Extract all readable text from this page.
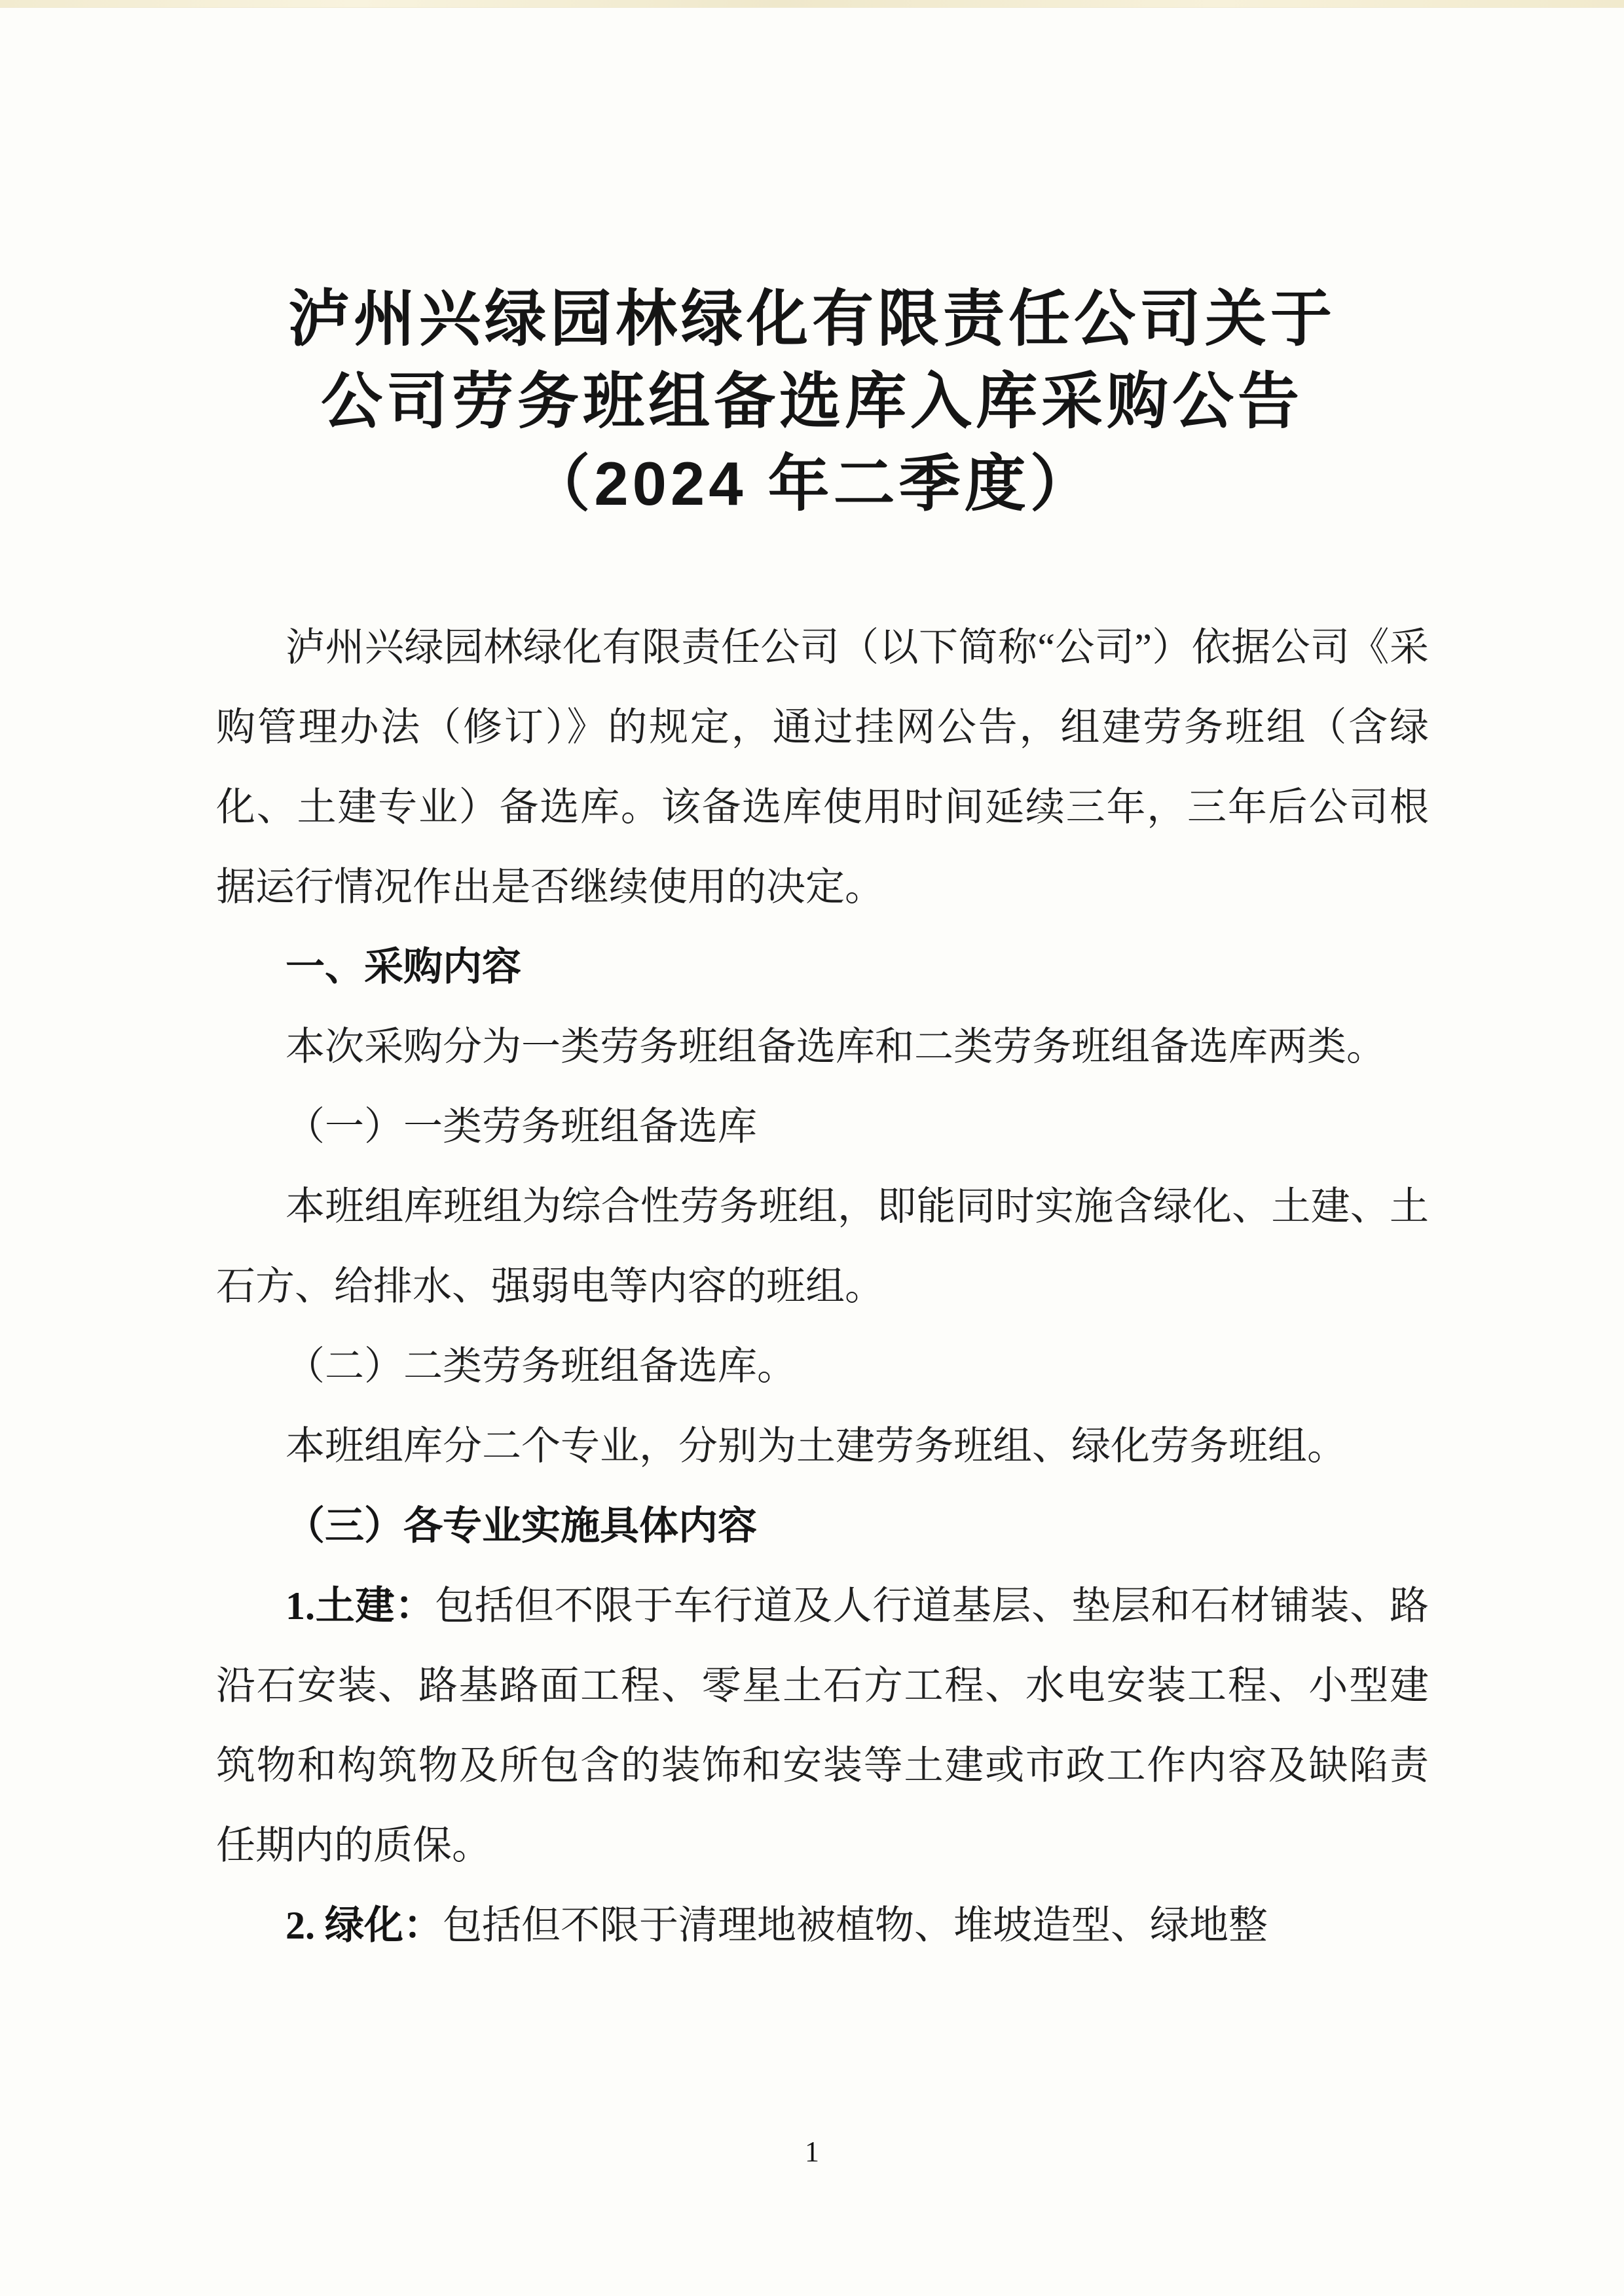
泸州兴绿园林绿化有限责任公司关于
公司劳务班组备选库入库采购公告
（2024 年二季度）

泸州兴绿园林绿化有限责任公司（以下简称“公司”）依据公司《采购管理办法（修订）》的规定，通过挂网公告，组建劳务班组（含绿化、土建专业）备选库。该备选库使用时间延续三年，三年后公司根据运行情况作出是否继续使用的决定。

一、采购内容

本次采购分为一类劳务班组备选库和二类劳务班组备选库两类。

（一）一类劳务班组备选库

本班组库班组为综合性劳务班组，即能同时实施含绿化、土建、土石方、给排水、强弱电等内容的班组。

（二）二类劳务班组备选库。

本班组库分二个专业，分别为土建劳务班组、绿化劳务班组。

（三）各专业实施具体内容

1.土建：包括但不限于车行道及人行道基层、垫层和石材铺装、路沿石安装、路基路面工程、零星土石方工程、水电安装工程、小型建筑物和构筑物及所包含的装饰和安装等土建或市政工作内容及缺陷责任期内的质保。

2. 绿化：包括但不限于清理地被植物、堆坡造型、绿地整

1
